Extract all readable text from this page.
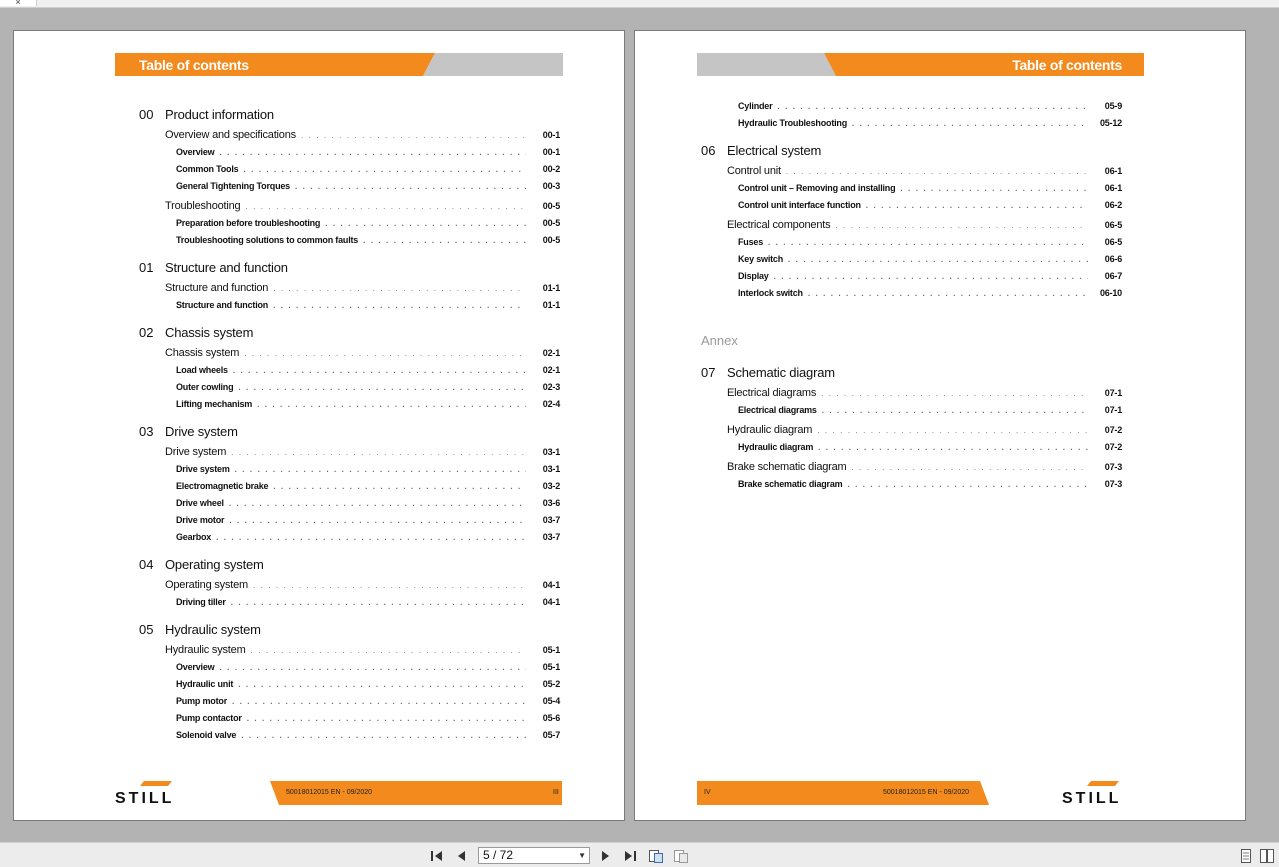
×
Table of contents
00 Product information
Overview and specifications . . .	00-1
Overview . . .	00-1
Common Tools . . .	00-2
General Tightening Torques . . .	00-3
Troubleshooting . . .	00-5
Preparation before troubleshooting . . .	00-5
Troubleshooting solutions to common faults . . .	00-5
01 Structure and function
Structure and function . . .	01-1
Structure and function . . .	01-1
02 Chassis system
Chassis system . . .	02-1
Load wheels . . .	02-1
Outer cowling . . .	02-3
Lifting mechanism . . .	02-4
03 Drive system
Drive system . . .	03-1
Drive system . . .	03-1
Electromagnetic brake . . .	03-2
Drive wheel . . .	03-6
Drive motor . . .	03-7
Gearbox . . .	03-7
04 Operating system
Operating system . . .	04-1
Driving tiller . . .	04-1
05 Hydraulic system
Hydraulic system . . .	05-1
Overview . . .	05-1
Hydraulic unit . . .	05-2
Pump motor . . .	05-4
Pump contactor . . .	05-6
Solenoid valve . . .	05-7
STILL	50018012015 EN - 09/2020	III
Table of contents
Cylinder . . .	05-9
Hydraulic Troubleshooting . . .	05-12
06 Electrical system
Control unit . . .	06-1
Control unit – Removing and installing . . .	06-1
Control unit interface function . . .	06-2
Electrical components . . .	06-5
Fuses . . .	06-5
Key switch . . .	06-6
Display . . .	06-7
Interlock switch . . .	06-10
Annex
07 Schematic diagram
Electrical diagrams . . .	07-1
Electrical diagrams . . .	07-1
Hydraulic diagram . . .	07-2
Hydraulic diagram . . .	07-2
Brake schematic diagram . . .	07-3
Brake schematic diagram . . .	07-3
IV	50018012015 EN - 09/2020	STILL
5 / 72	▼
